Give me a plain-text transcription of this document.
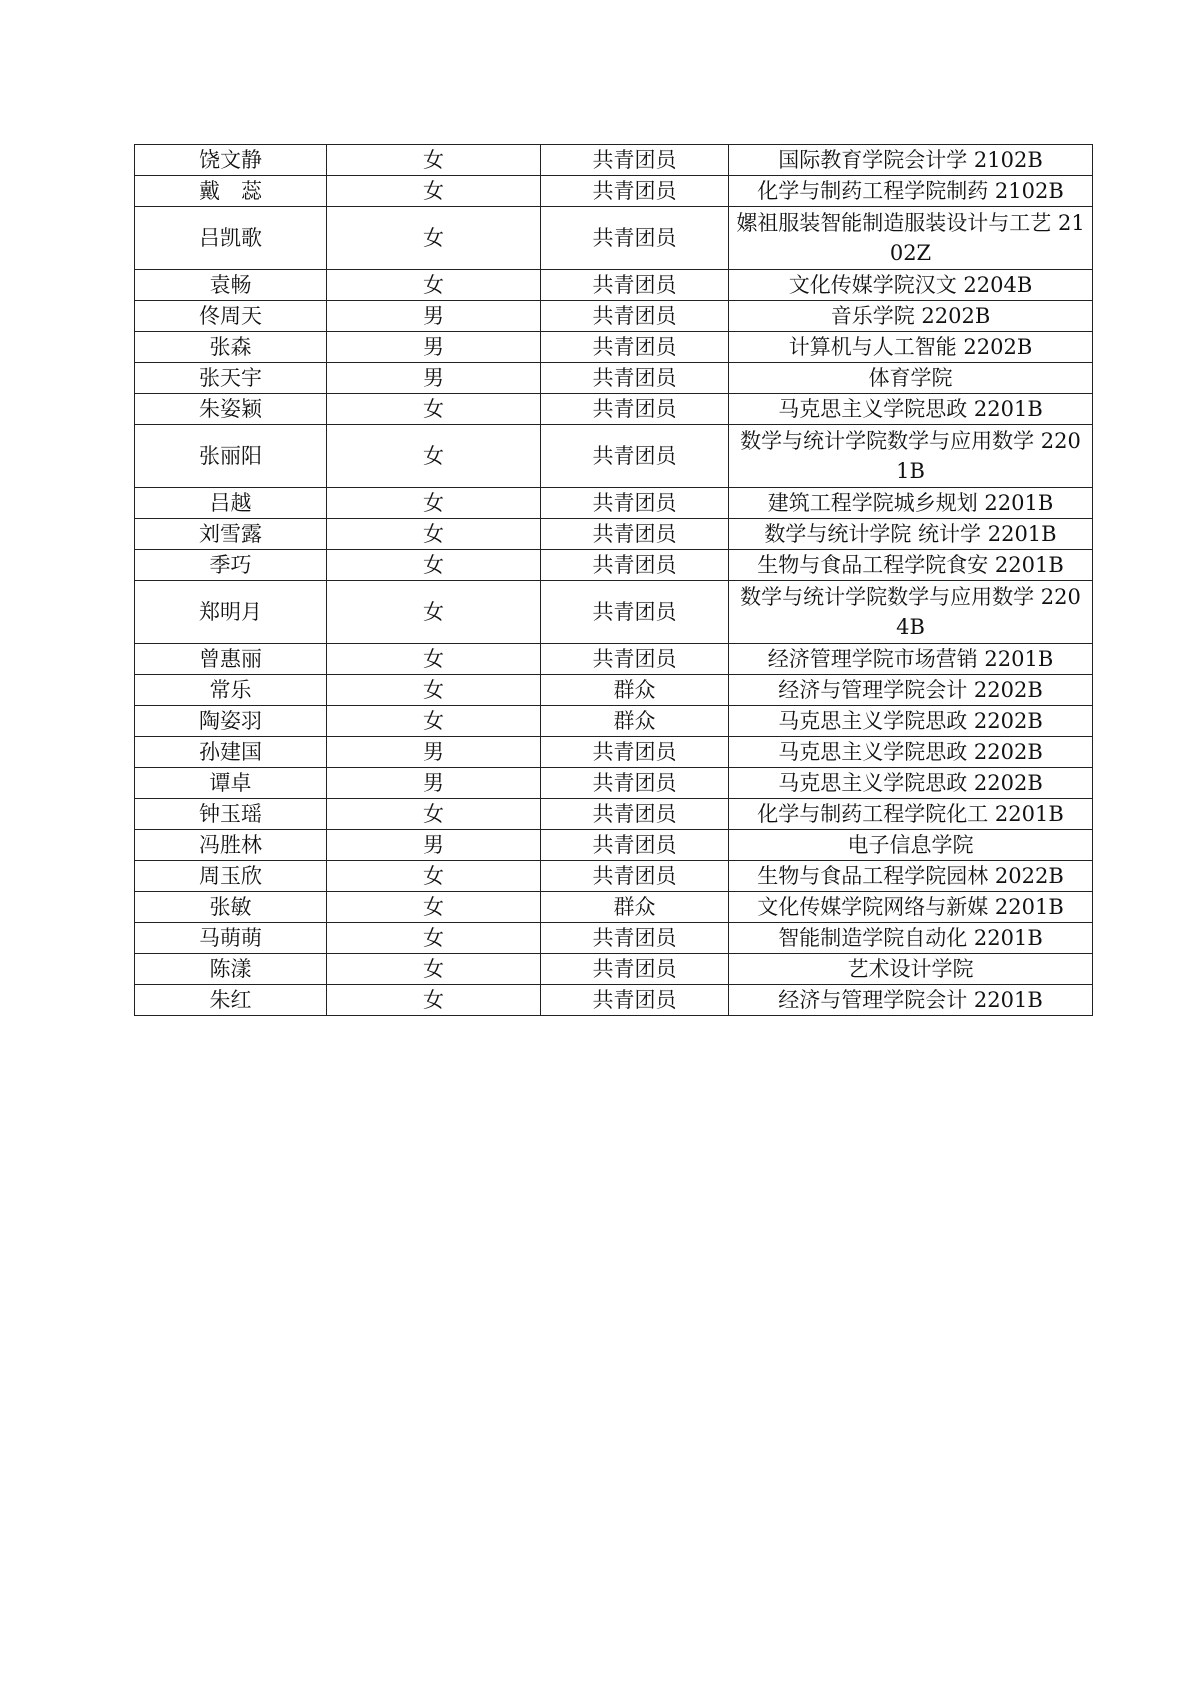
饶文静	女	共青团员	国际教育学院会计学 2102B
戴　蕊	女	共青团员	化学与制药工程学院制药 2102B
吕凯歌	女	共青团员	嫘祖服装智能制造服装设计与工艺 2102Z
袁畅	女	共青团员	文化传媒学院汉文 2204B
佟周天	男	共青团员	音乐学院 2202B
张森	男	共青团员	计算机与人工智能 2202B
张天宇	男	共青团员	体育学院
朱姿颖	女	共青团员	马克思主义学院思政 2201B
张丽阳	女	共青团员	数学与统计学院数学与应用数学 2201B
吕越	女	共青团员	建筑工程学院城乡规划 2201B
刘雪露	女	共青团员	数学与统计学院 统计学 2201B
季巧	女	共青团员	生物与食品工程学院食安 2201B
郑明月	女	共青团员	数学与统计学院数学与应用数学 2204B
曾惠丽	女	共青团员	经济管理学院市场营销 2201B
常乐	女	群众	经济与管理学院会计 2202B
陶姿羽	女	群众	马克思主义学院思政 2202B
孙建国	男	共青团员	马克思主义学院思政 2202B
谭卓	男	共青团员	马克思主义学院思政 2202B
钟玉瑶	女	共青团员	化学与制药工程学院化工 2201B
冯胜林	男	共青团员	电子信息学院
周玉欣	女	共青团员	生物与食品工程学院园林 2022B
张敏	女	群众	文化传媒学院网络与新媒 2201B
马萌萌	女	共青团员	智能制造学院自动化 2201B
陈漾	女	共青团员	艺术设计学院
朱红	女	共青团员	经济与管理学院会计 2201B
